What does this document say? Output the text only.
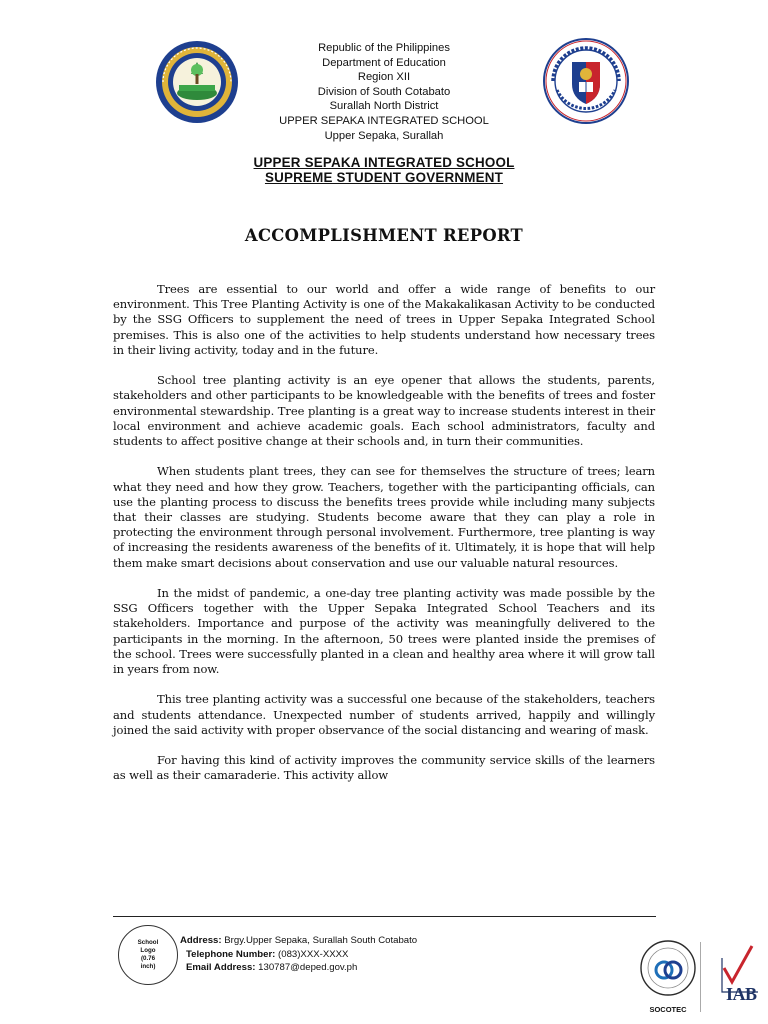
Republic of the Philippines
Department of Education
Region XII
Division of South Cotabato
Surallah North District
UPPER SEPAKA INTEGRATED SCHOOL
Upper Sepaka, Surallah
UPPER SEPAKA INTEGRATED SCHOOL
SUPREME STUDENT GOVERNMENT
ACCOMPLISHMENT REPORT

Trees are essential to our world and offer a wide range of benefits to our environment. This Tree Planting Activity is one of the Makakalikasan Activity to be conducted by the SSG Officers to supplement the need of trees in Upper Sepaka Integrated School premises. This is also one of the activities to help students understand how necessary trees in their living activity, today and in the future.

School tree planting activity is an eye opener that allows the students, parents, stakeholders and other participants to be knowledgeable with the benefits of trees and foster environmental stewardship. Tree planting is a great way to increase students interest in their local environment and achieve academic goals. Each school administrators, faculty and students to affect positive change at their schools and, in turn their communities.

When students plant trees, they can see for themselves the structure of trees; learn what they need and how they grow. Teachers, together with the participanting officials, can use the planting process to discuss the benefits trees provide while including many subjects that their classes are studying. Students become aware that they can play a role in protecting the environment through personal involvement. Furthermore, tree planting is way of increasing the residents awareness of the benefits of it. Ultimately, it is hope that will help them make smart decisions about conservation and use our valuable natural resources.

In the midst of pandemic, a one-day tree planting activity was made possible by the SSG Officers together with the Upper Sepaka Integrated School Teachers and its stakeholders. Importance and purpose of the activity was meaningfully delivered to the participants in the morning. In the afternoon, 50 trees were planted inside the premises of the school. Trees were successfully planted in a clean and healthy area where it will grow tall in years from now.

This tree planting activity was a successful one because of the stakeholders, teachers and students attendance. Unexpected number of students arrived, happily and willingly joined the said activity with proper observance of the social distancing and wearing of mask.

For having this kind of activity improves the community service skills of the learners as well as their camaraderie. This activity allow

School
Logo
(0.76
inch)
Address: Brgy.Upper Sepaka, Surallah South Cotabato
Telephone Number: (083)XXX-XXXX
Email Address: 130787@deped.gov.ph
SOCOTEC
IAB
